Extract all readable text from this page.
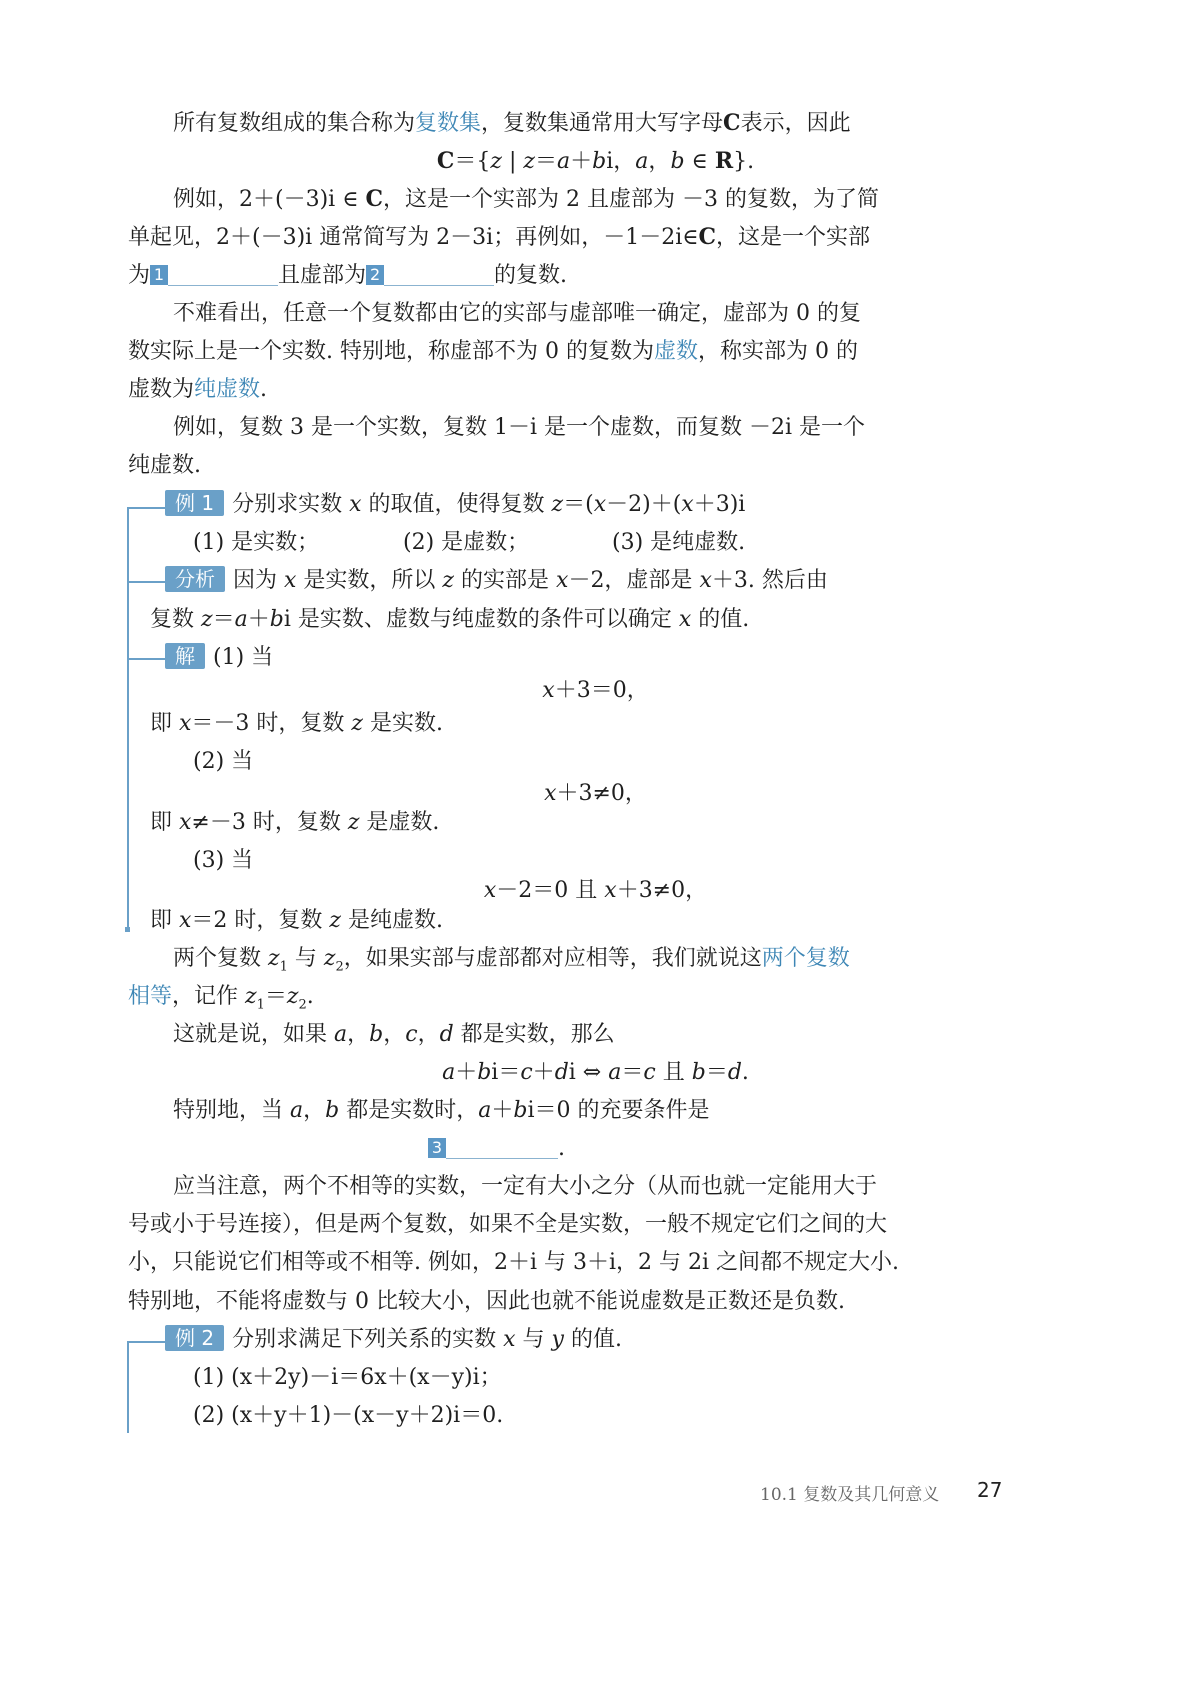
所有复数组成的集合称为复数集，复数集通常用大写字母C表示，因此
C＝{z | z＝a＋bi，a，b ∈ R}.
例如，2＋(－3)i ∈ C，这是一个实部为 2 且虚部为 －3 的复数，为了简
单起见，2＋(－3)i 通常简写为 2－3i；再例如，－1－2i∈C，这是一个实部
为 1	且虚部为 2	的复数.
不难看出，任意一个复数都由它的实部与虚部唯一确定，虚部为 0 的复
数实际上是一个实数. 特别地，称虚部不为 0 的复数为虚数，称实部为 0 的
虚数为纯虚数.
例如，复数 3 是一个实数，复数 1－i 是一个虚数，而复数 －2i 是一个
纯虚数.
例 1 分别求实数 x 的取值，使得复数 z＝(x－2)＋(x＋3)i
(1) 是实数；	(2) 是虚数；	(3) 是纯虚数.
分析 因为 x 是实数，所以 z 的实部是 x－2，虚部是 x＋3. 然后由
复数 z＝a＋bi 是实数、虚数与纯虚数的条件可以确定 x 的值.
解 (1) 当
x＋3＝0，
即 x＝－3 时，复数 z 是实数.
(2) 当
x＋3≠0，
即 x≠－3 时，复数 z 是虚数.
(3) 当
x－2＝0 且 x＋3≠0，
即 x＝2 时，复数 z 是纯虚数.
两个复数 $z_1$ 与 $z_2$，如果实部与虚部都对应相等，我们就说这两个复数
相等，记作 $z_1=z_2$.
这就是说，如果 a，b，c，d 都是实数，那么
a＋bi＝c＋di ⇔ a＝c 且 b＝d.
特别地，当 a，b 都是实数时，a＋bi＝0 的充要条件是
3	.
应当注意，两个不相等的实数，一定有大小之分（从而也就一定能用大于
号或小于号连接），但是两个复数，如果不全是实数，一般不规定它们之间的大
小，只能说它们相等或不相等. 例如，2＋i 与 3＋i，2 与 2i 之间都不规定大小.
特别地，不能将虚数与 0 比较大小，因此也就不能说虚数是正数还是负数.
例 2 分别求满足下列关系的实数 x 与 y 的值.
(1) (x＋2y)－i＝6x＋(x－y)i；
(2) (x＋y＋1)－(x－y＋2)i＝0.
10.1 复数及其几何意义 27
